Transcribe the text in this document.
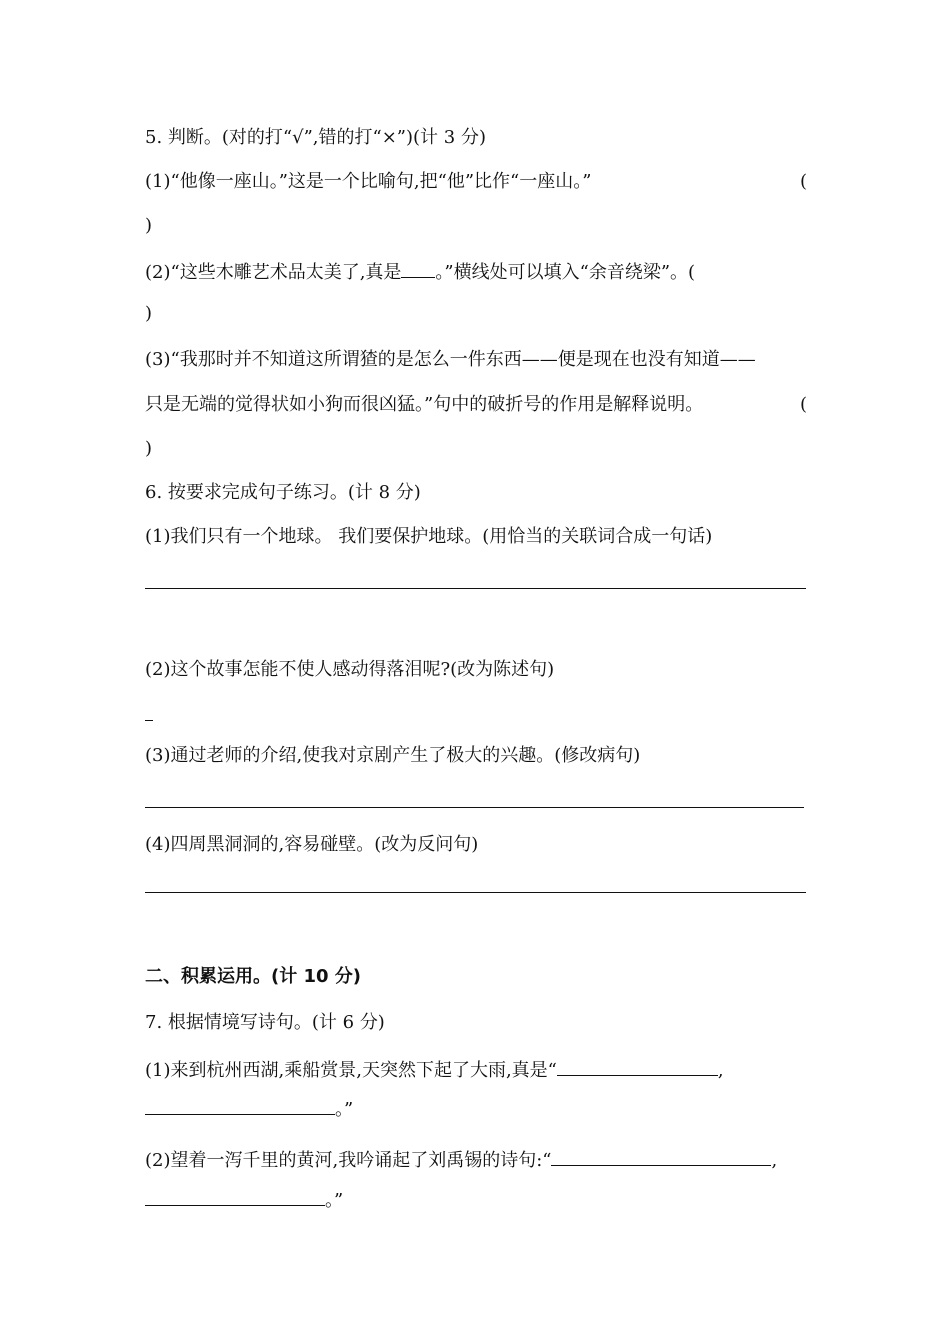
5. 判断。(对的打“√”,错的打“×”)(计 3 分)
(1)“他像一座山。”这是一个比喻句,把“他”比作“一座山。”	(
)
(2)“这些木雕艺术品太美了,真是 。”横线处可以填入“余音绕梁”。(
)
(3)“我那时并不知道这所谓猹的是怎么一件东西——便是现在也没有知道——
只是无端的觉得状如小狗而很凶猛。”句中的破折号的作用是解释说明。	(
)
6. 按要求完成句子练习。(计 8 分)
(1)我们只有一个地球。 我们要保护地球。(用恰当的关联词合成一句话)
(2)这个故事怎能不使人感动得落泪呢?(改为陈述句)
(3)通过老师的介绍,使我对京剧产生了极大的兴趣。(修改病句)
(4)四周黑洞洞的,容易碰壁。(改为反问句)
二、积累运用。(计 10 分)
7. 根据情境写诗句。(计 6 分)
(1)来到杭州西湖,乘船赏景,天突然下起了大雨,真是“	,
。”
(2)望着一泻千里的黄河,我吟诵起了刘禹锡的诗句:“	,
。”
